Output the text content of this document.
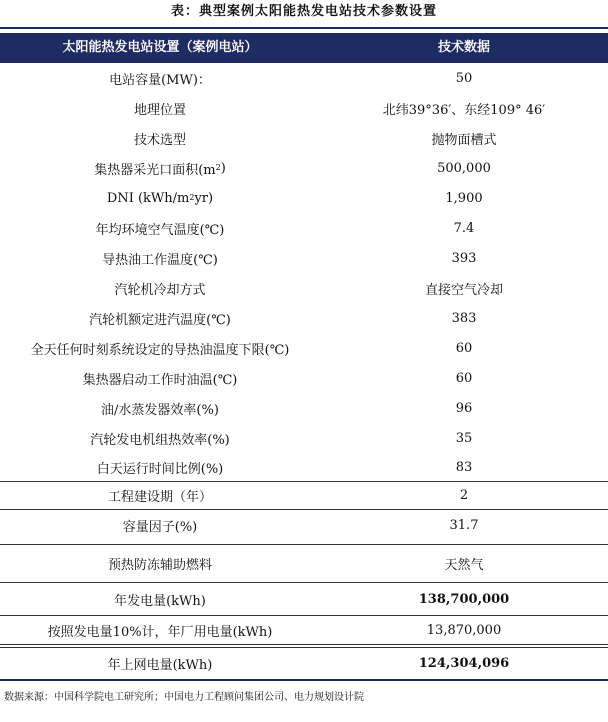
表：典型案例太阳能热发电站技术参数设置
太阳能热发电站设置（案例电站）	技术数据
电站容量(MW)：	50
地理位置	北纬39°36′、东经109° 46′
技术选型	抛物面槽式
集热器采光口面积(m 2 )	500,000
DNI (kWh/m 2 yr)	1,900
年均环境空气温度(℃)	7.4
导热油工作温度(℃)	393
汽轮机冷却方式	直接空气冷却
汽轮机额定进汽温度(℃)	383
全天任何时刻系统设定的导热油温度下限(℃)	60
集热器启动工作时油温(℃)	60
油/水蒸发器效率(%)	96
汽轮发电机组热效率(%)	35
白天运行时间比例(%)	83
工程建设期（年）	2
容量因子(%)	31.7
预热防冻辅助燃料	天然气
年发电量(kWh)	138,700,000
按照发电量10%计，年厂用电量(kWh)	13,870,000
年上网电量(kWh)	124,304,096
数据来源：中国科学院电工研究所；中国电力工程顾问集团公司、电力规划设计院
